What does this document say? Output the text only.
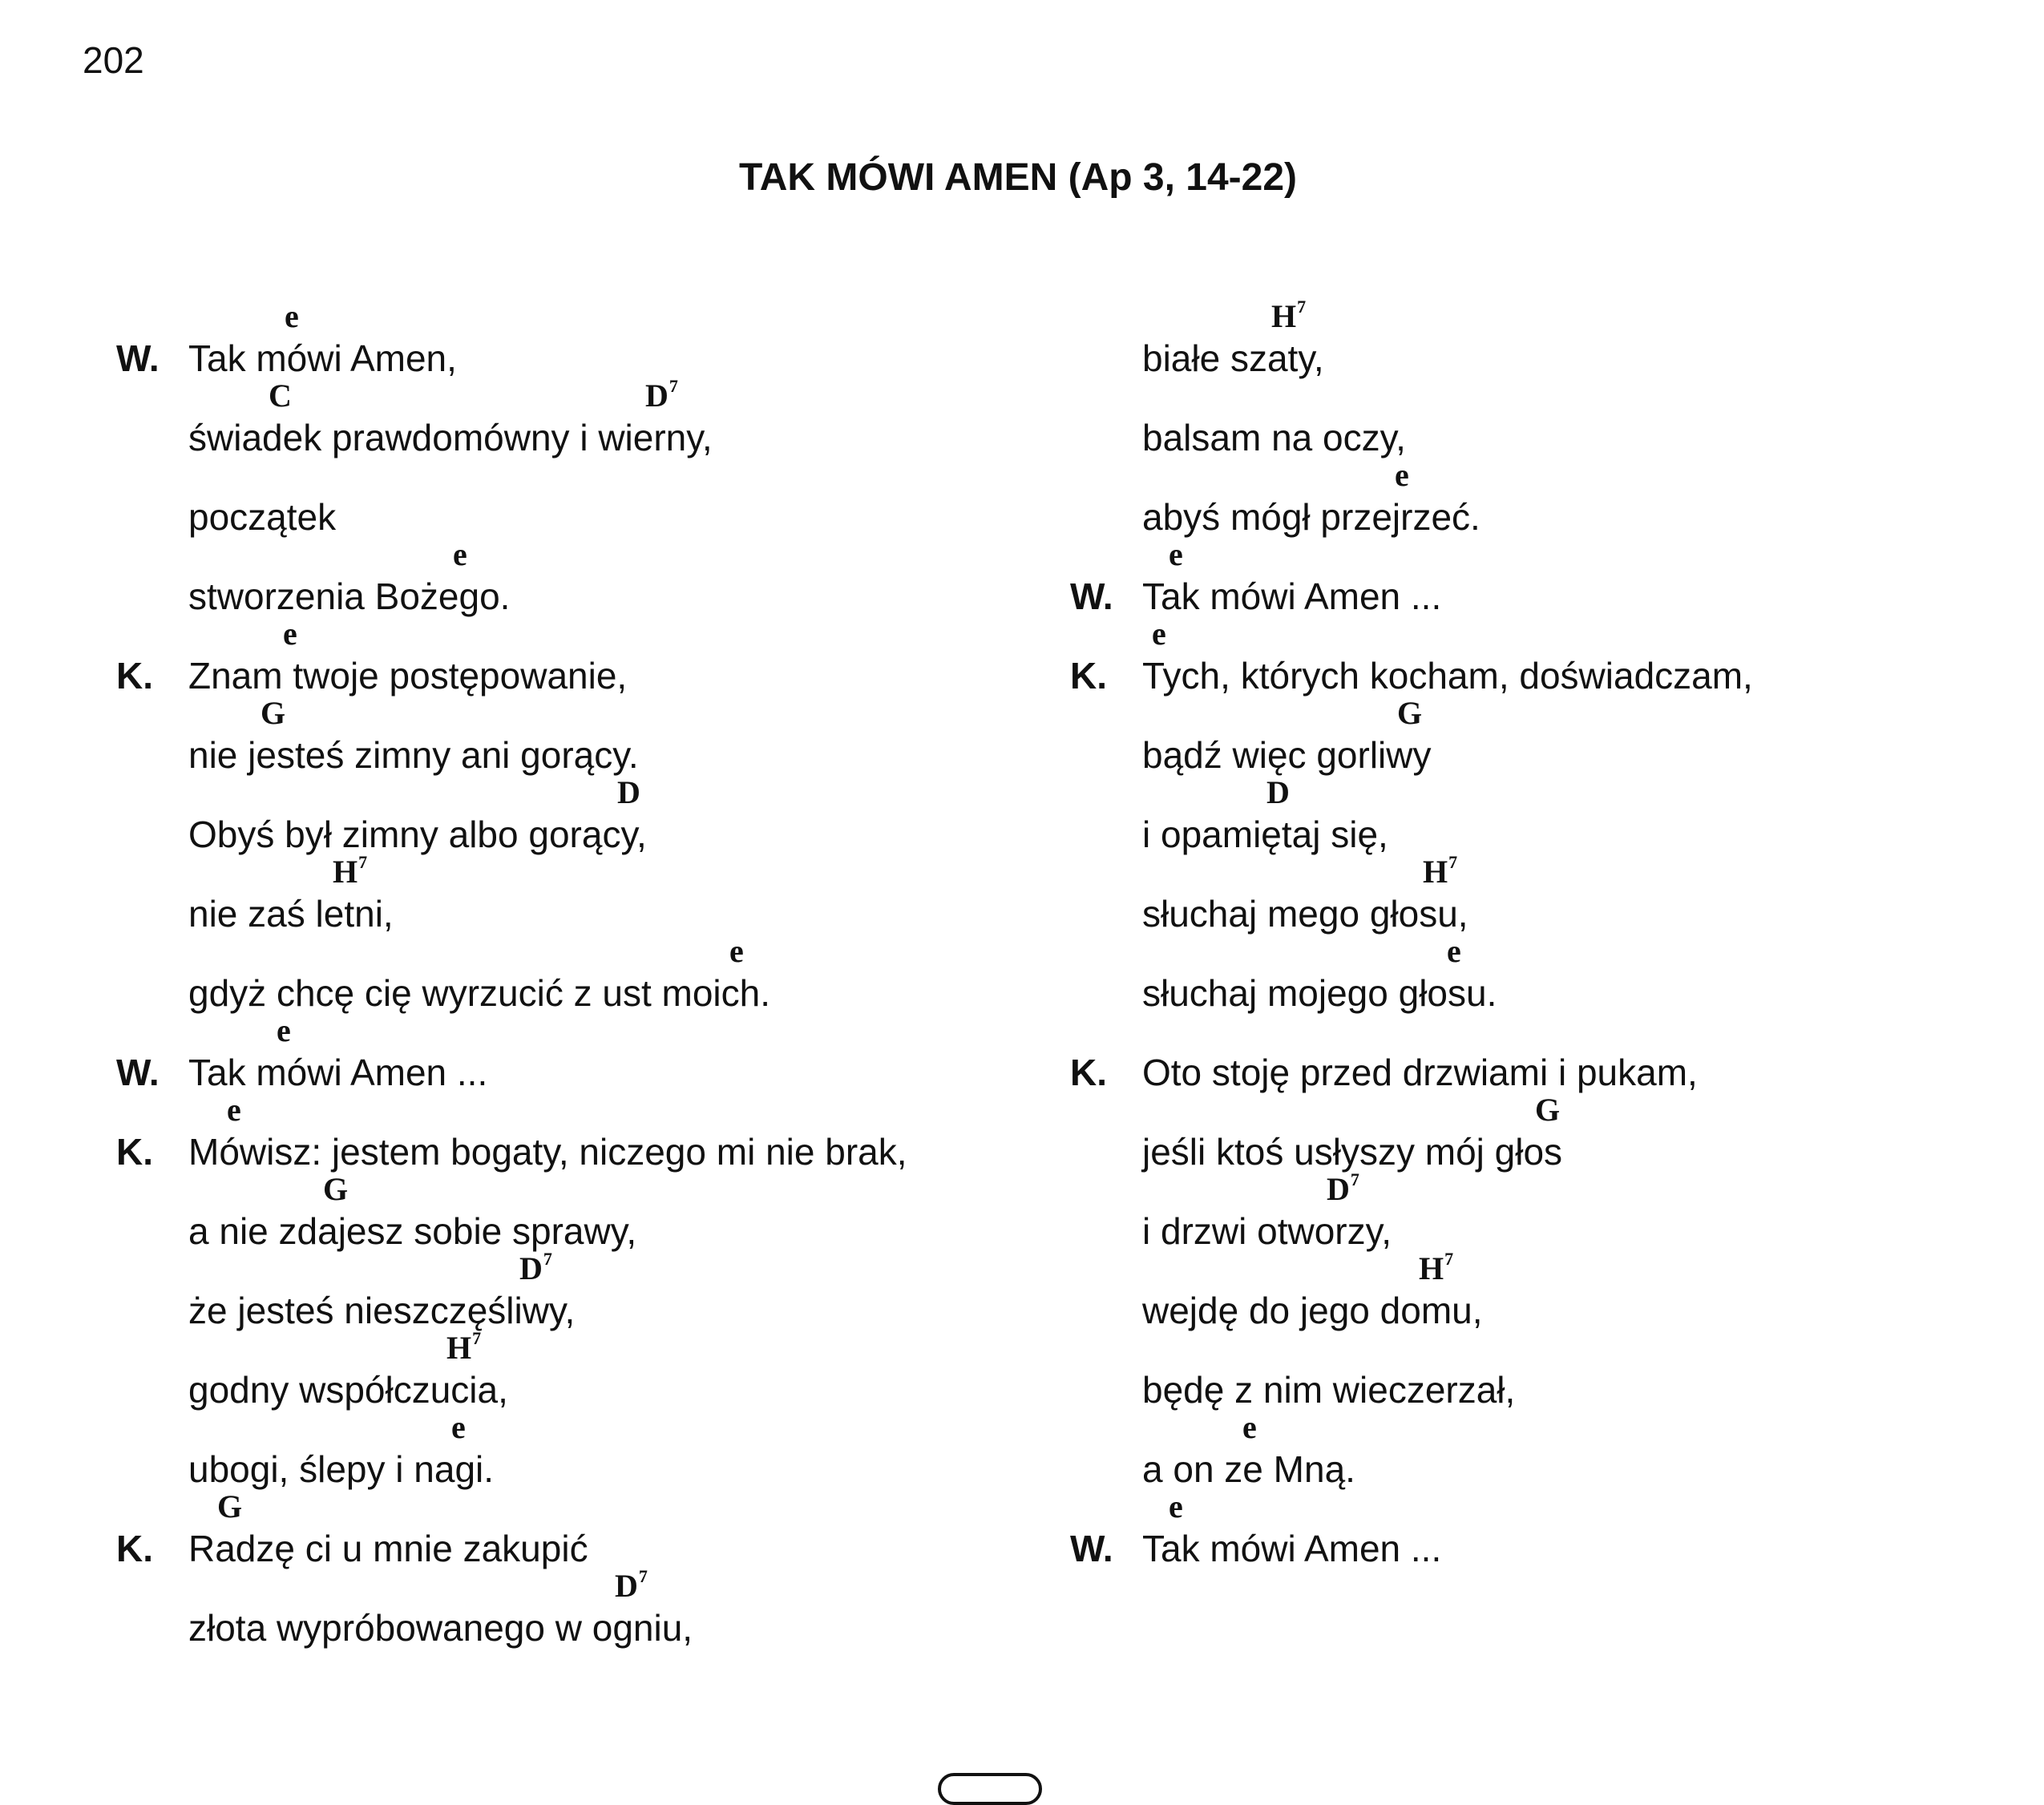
202
TAK MÓWI AMEN (Ap 3, 14-22)
e
W. Tak mówi Amen,
C	$D^7$
świadek prawdomówny i wierny,
początek
e
stworzenia Bożego.
e
K. Znam twoje postępowanie,
G
nie jesteś zimny ani gorący.
D
Obyś był zimny albo gorący,
$H^7$
nie zaś letni,
e
gdyż chcę cię wyrzucić z ust moich.
e
W. Tak mówi Amen ...
e
K. Mówisz: jestem bogaty, niczego mi nie brak,
G
a nie zdajesz sobie sprawy,
$D^7$
że jesteś nieszczęśliwy,
$H^7$
godny współczucia,
e
ubogi, ślepy i nagi.
G
K. Radzę ci u mnie zakupić
$D^7$
złota wypróbowanego w ogniu,
$H^7$
białe szaty,
balsam na oczy,
e
abyś mógł przejrzeć.
e
W. Tak mówi Amen ...
e
K. Tych, których kocham, doświadczam,
G
bądź więc gorliwy
D
i opamiętaj się,
$H^7$
słuchaj mego głosu,
e
słuchaj mojego głosu.
K. Oto stoję przed drzwiami i pukam,
G
jeśli ktoś usłyszy mój głos
$D^7$
i drzwi otworzy,
$H^7$
wejdę do jego domu,
będę z nim wieczerzał,
e
a on ze Mną.
e
W. Tak mówi Amen ...
